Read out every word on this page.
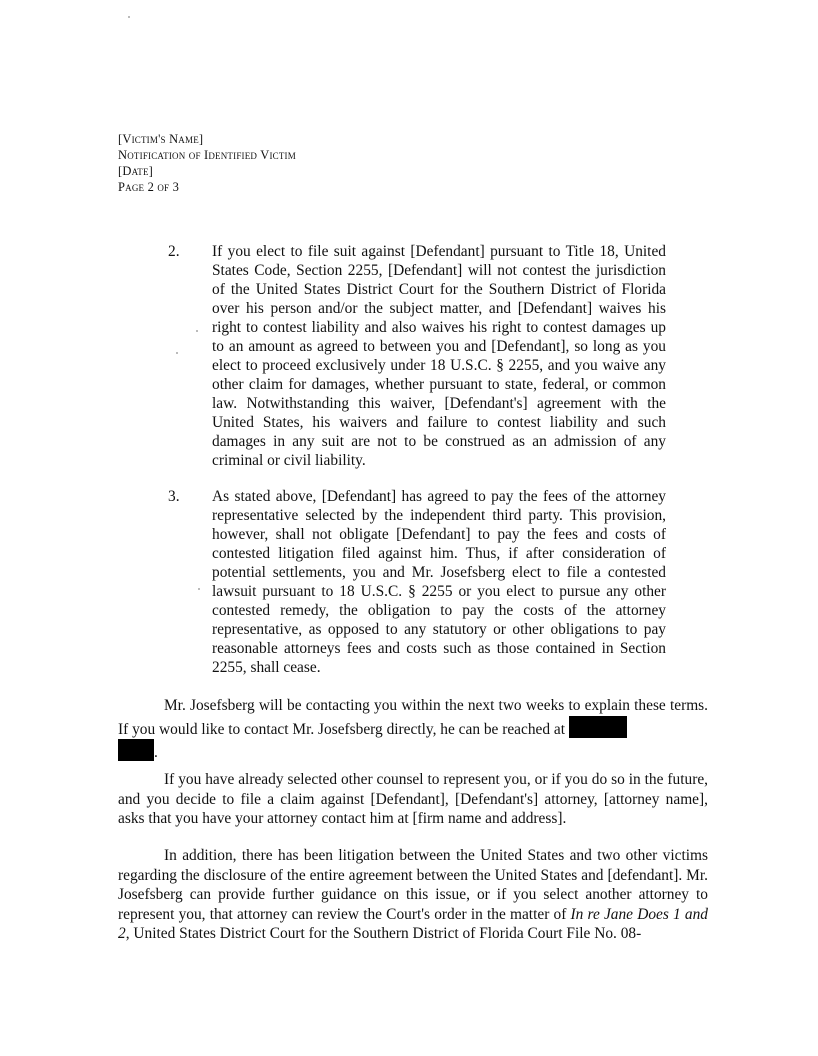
[Victim's Name]
Notification of Identified Victim
[Date]
Page 2 of 3
2. If you elect to file suit against [Defendant] pursuant to Title 18, United States Code, Section 2255, [Defendant] will not contest the jurisdiction of the United States District Court for the Southern District of Florida over his person and/or the subject matter, and [Defendant] waives his right to contest liability and also waives his right to contest damages up to an amount as agreed to between you and [Defendant], so long as you elect to proceed exclusively under 18 U.S.C. § 2255, and you waive any other claim for damages, whether pursuant to state, federal, or common law. Notwithstanding this waiver, [Defendant's] agreement with the United States, his waivers and failure to contest liability and such damages in any suit are not to be construed as an admission of any criminal or civil liability.
3. As stated above, [Defendant] has agreed to pay the fees of the attorney representative selected by the independent third party. This provision, however, shall not obligate [Defendant] to pay the fees and costs of contested litigation filed against him. Thus, if after consideration of potential settlements, you and Mr. Josefsberg elect to file a contested lawsuit pursuant to 18 U.S.C. § 2255 or you elect to pursue any other contested remedy, the obligation to pay the costs of the attorney representative, as opposed to any statutory or other obligations to pay reasonable attorneys fees and costs such as those contained in Section 2255, shall cease.
Mr. Josefsberg will be contacting you within the next two weeks to explain these terms. If you would like to contact Mr. Josefsberg directly, he can be reached at
.
If you have already selected other counsel to represent you, or if you do so in the future, and you decide to file a claim against [Defendant], [Defendant's] attorney, [attorney name], asks that you have your attorney contact him at [firm name and address].
In addition, there has been litigation between the United States and two other victims regarding the disclosure of the entire agreement between the United States and [defendant]. Mr. Josefsberg can provide further guidance on this issue, or if you select another attorney to represent you, that attorney can review the Court's order in the matter of In re Jane Does 1 and 2, United States District Court for the Southern District of Florida Court File No. 08-
